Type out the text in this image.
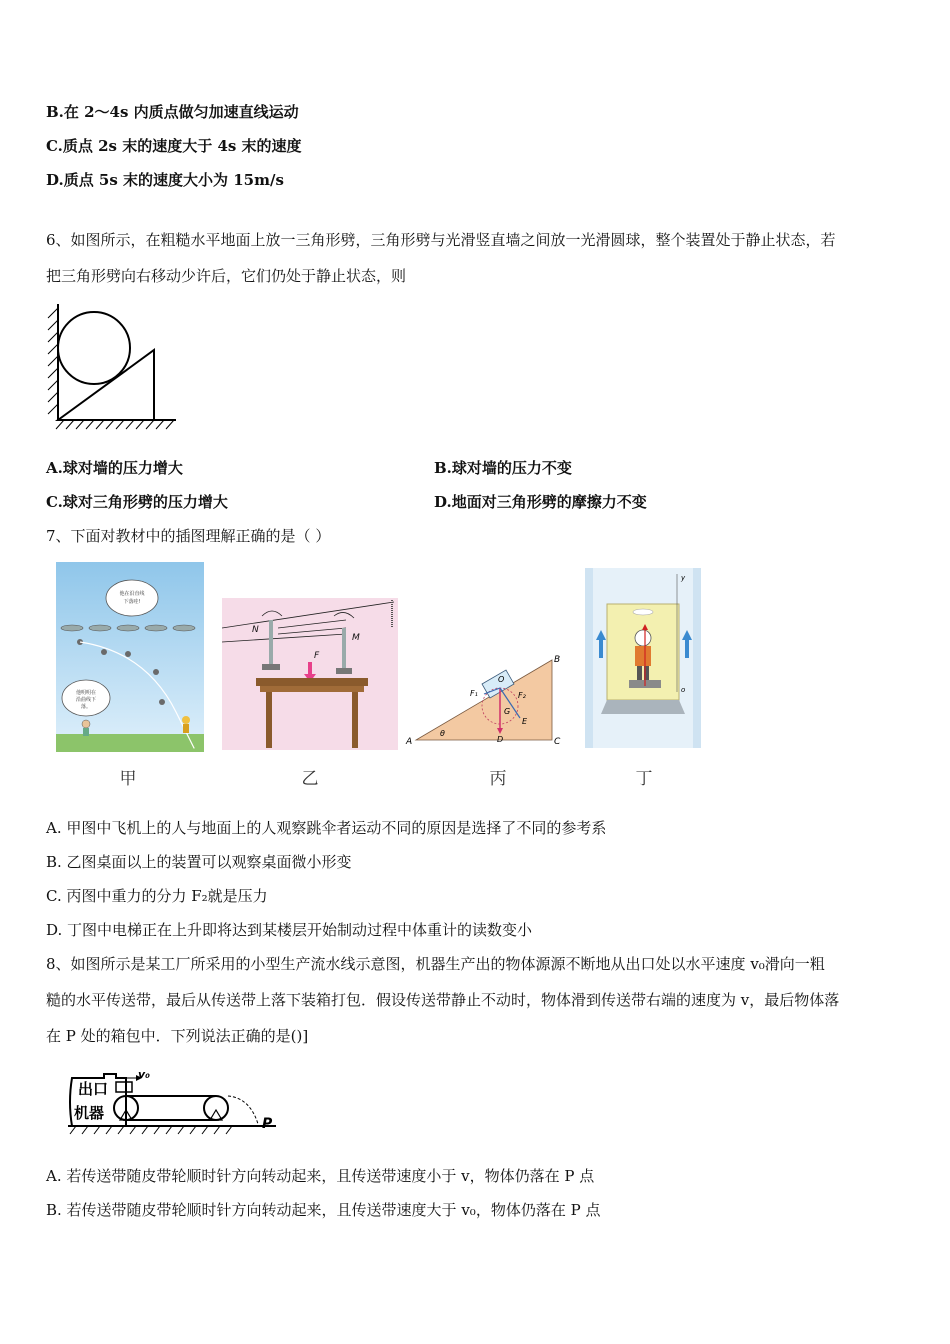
B.在 2～4s 内质点做匀加速直线运动
C.质点 2s 末的速度大于 4s 末的速度
D.质点 5s 末的速度大小为 15m/s
6、如图所示，在粗糙水平地面上放一三角形劈，三角形劈与光滑竖直墙之间放一光滑圆球，整个装置处于静止状态，若
把三角形劈向右移动少许后，它们仍处于静止状态，则
A.球对墙的压力增大	B.球对墙的压力不变
C.球对三角形劈的压力增大	D.地面对三角形劈的摩擦力不变
7、下面对教材中的插图理解正确的是（ ）
他在沿直线
下落哇!
他明明在
沿曲线下
落。
甲
N
M
F
乙
A
B
C
θ
O
G
D
F₁	F₂
E
丙
y
o
丁
A. 甲图中飞机上的人与地面上的人观察跳伞者运动不同的原因是选择了不同的参考系
B. 乙图桌面以上的装置可以观察桌面微小形变
C. 丙图中重力的分力 F₂就是压力
D. 丁图中电梯正在上升即将达到某楼层开始制动过程中体重计的读数变小
8、如图所示是某工厂所采用的小型生产流水线示意图，机器生产出的物体源源不断地从出口处以水平速度 v₀滑向一粗
糙的水平传送带，最后从传送带上落下装箱打包．假设传送带静止不动时，物体滑到传送带右端的速度为 v，最后物体落
在 P 处的箱包中．下列说法正确的是()]
出口
机器
v₀
P
A. 若传送带随皮带轮顺时针方向转动起来，且传送带速度小于 v，物体仍落在 P 点
B. 若传送带随皮带轮顺时针方向转动起来，且传送带速度大于 v₀，物体仍落在 P 点
